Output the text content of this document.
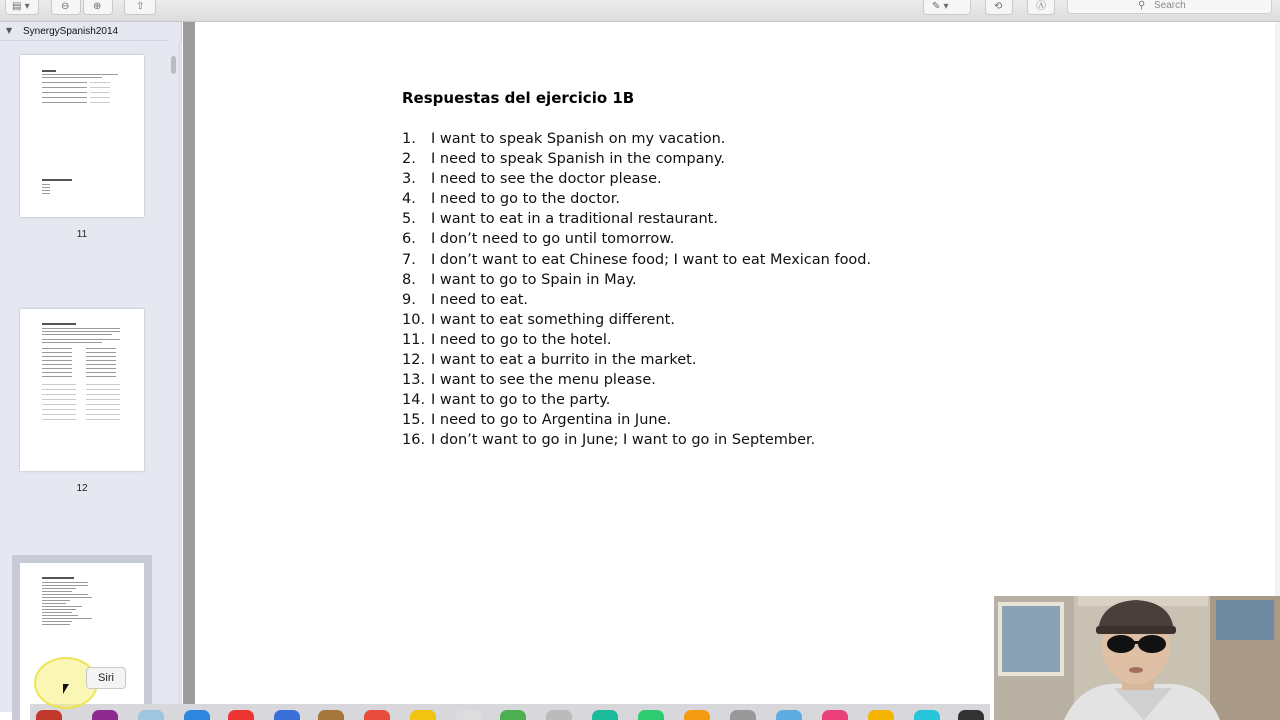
▤ ▾	⊖ ⊕	⇧	✎ ▾	⟲	Ⓐ	⚲ Search
▼ SynergySpanish2014
11
12
Respuestas del ejercicio 1B
1. I want to speak Spanish on my vacation.
2. I need to speak Spanish in the company.
3. I need to see the doctor please.
4. I need to go to the doctor.
5. I want to eat in a traditional restaurant.
6. I don’t need to go until tomorrow.
7. I don’t want to eat Chinese food; I want to eat Mexican food.
8. I want to go to Spain in May.
9. I need to eat.
10. I want to eat something different.
11. I need to go to the hotel.
12. I want to eat a burrito in the market.
13. I want to see the menu please.
14. I want to go to the party.
15. I need to go to Argentina in June.
16. I don’t want to go in June; I want to go in September.
Siri
